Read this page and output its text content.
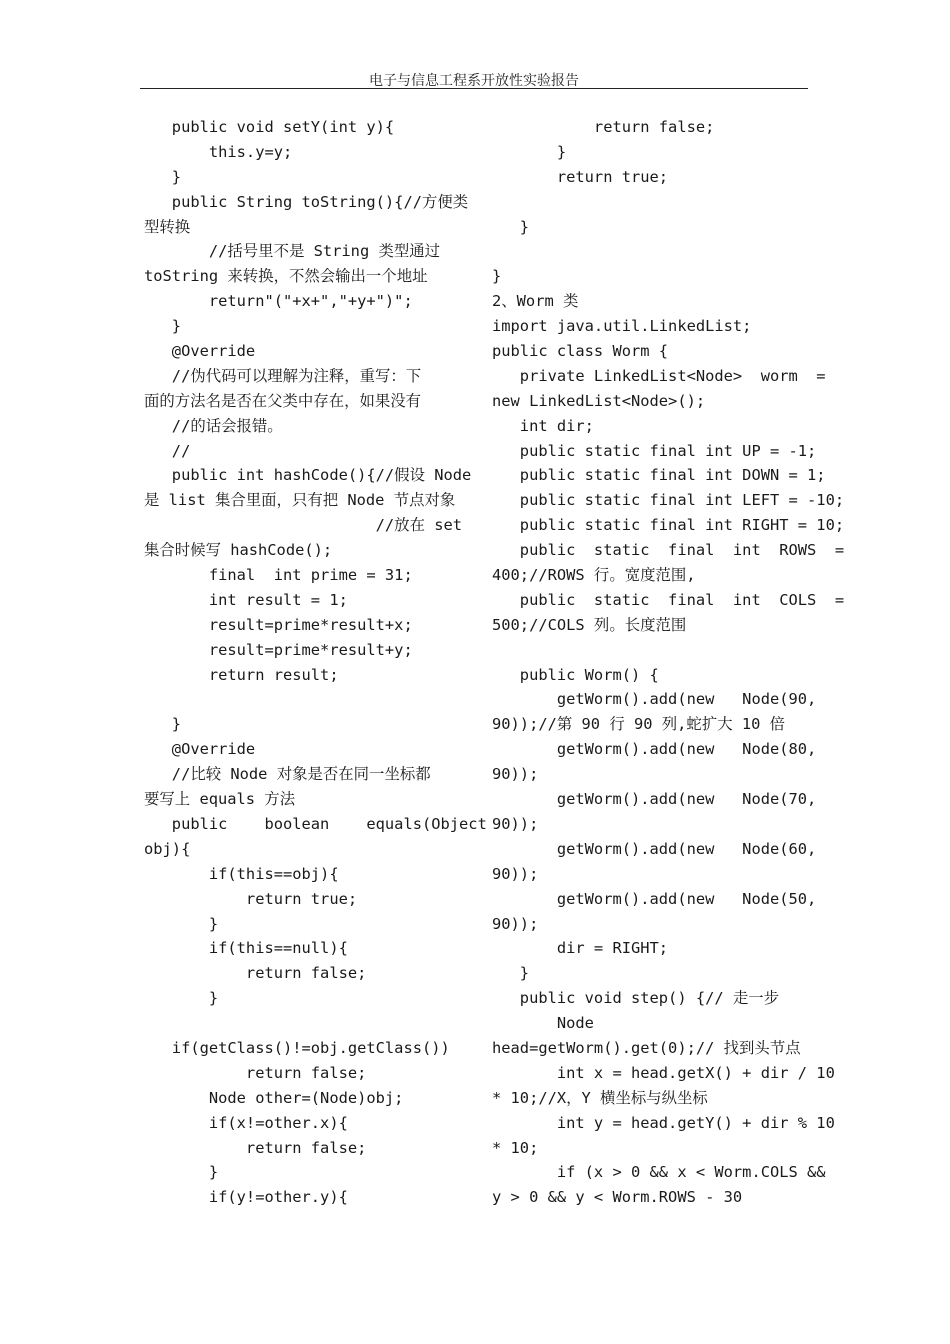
电子与信息工程系开放性实验报告
public void setY(int y){
this.y=y;
}
public String toString(){//方便类
型转换
//括号里不是 String 类型通过
toString 来转换，不然会输出一个地址
return"("+x+","+y+")";
}
@Override
//伪代码可以理解为注释，重写：下
面的方法名是否在父类中存在，如果没有
//的话会报错。
//
public int hashCode(){//假设 Node
是 list 集合里面，只有把 Node 节点对象
//放在 set
集合时候写 hashCode();
final  int prime = 31;
int result = 1;
result=prime*result+x;
result=prime*result+y;
return result;
}
@Override
//比较 Node 对象是否在同一坐标都
要写上 equals 方法
public    boolean    equals(Object
obj){
if(this==obj){
return true;
}
if(this==null){
return false;
}
if(getClass()!=obj.getClass())
return false;
Node other=(Node)obj;
if(x!=other.x){
return false;
}
if(y!=other.y){
return false;
}
return true;
}
}
2、Worm 类
import java.util.LinkedList;
public class Worm {
private LinkedList<Node>  worm  =
new LinkedList<Node>();
int dir;
public static final int UP = -1;
public static final int DOWN = 1;
public static final int LEFT = -10;
public static final int RIGHT = 10;
public  static  final  int  ROWS  =
400;//ROWS 行。宽度范围,
public  static  final  int  COLS  =
500;//COLS 列。长度范围
public Worm() {
getWorm().add(new   Node(90,
90));//第 90 行 90 列,蛇扩大 10 倍
getWorm().add(new   Node(80,
90));
getWorm().add(new   Node(70,
90));
getWorm().add(new   Node(60,
90));
getWorm().add(new   Node(50,
90));
dir = RIGHT;
}
public void step() {// 走一步
Node
head=getWorm().get(0);// 找到头节点
int x = head.getX() + dir / 10
* 10;//X，Y 横坐标与纵坐标
int y = head.getY() + dir % 10
* 10;
if (x > 0 && x < Worm.COLS &&
y > 0 && y < Worm.ROWS - 30
